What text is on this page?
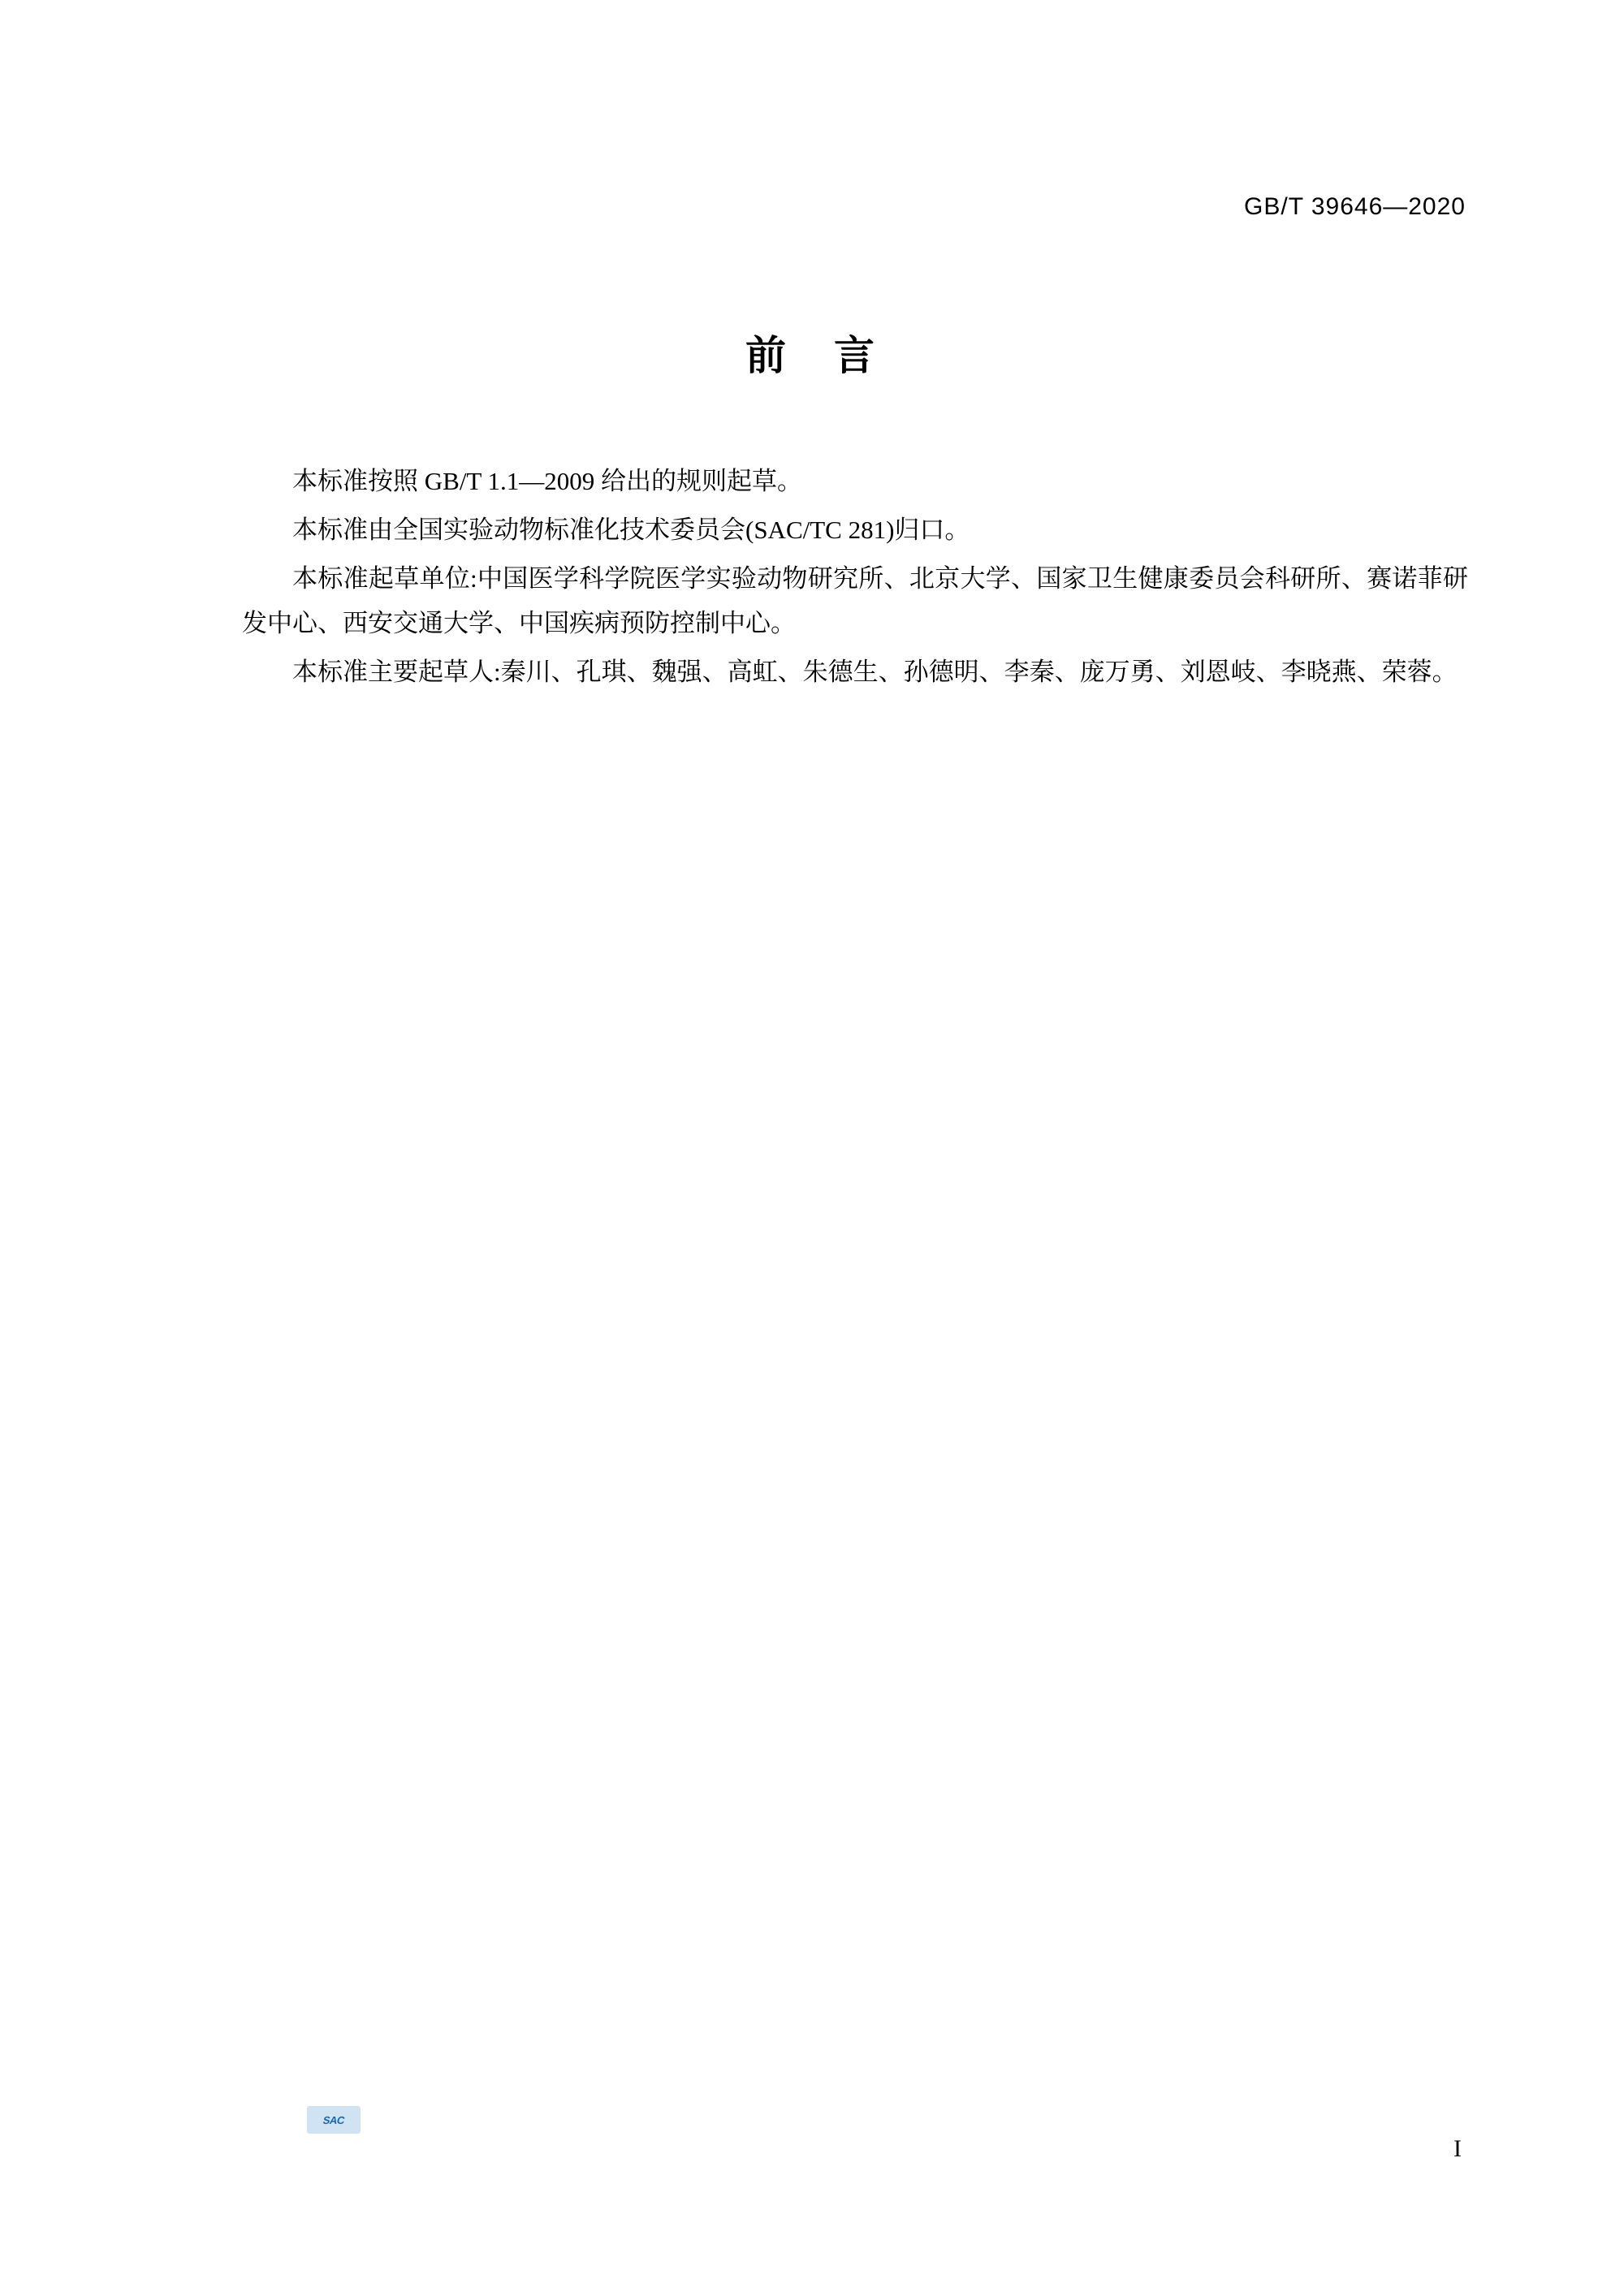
GB/T 39646—2020
前 言

本标准按照 GB/T 1.1—2009 给出的规则起草。

本标准由全国实验动物标准化技术委员会(SAC/TC 281)归口。

本标准起草单位:中国医学科学院医学实验动物研究所、北京大学、国家卫生健康委员会科研所、赛诺菲研发中心、西安交通大学、中国疾病预防控制中心。

本标准主要起草人:秦川、孔琪、魏强、高虹、朱德生、孙德明、李秦、庞万勇、刘恩岐、李晓燕、荣蓉。

SAC
I
